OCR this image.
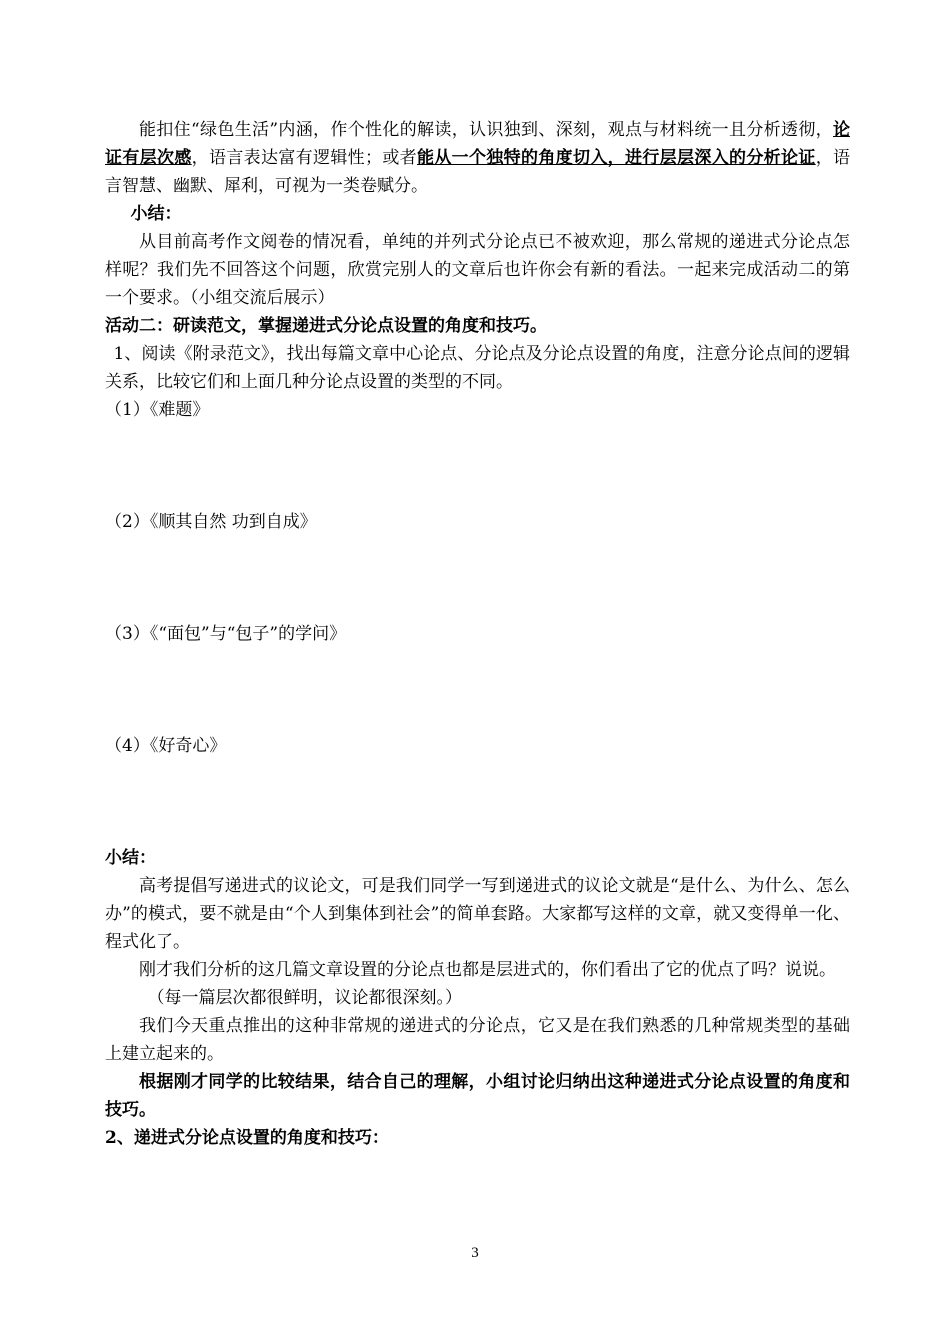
能扣住“绿色生活”内涵，作个性化的解读，认识独到、深刻，观点与材料统一且分析透彻，论证有层次感，语言表达富有逻辑性；或者能从一个独特的角度切入，进行层层深入的分析论证，语言智慧、幽默、犀利，可视为一类卷赋分。

小结：

从目前高考作文阅卷的情况看，单纯的并列式分论点已不被欢迎，那么常规的递进式分论点怎样呢？我们先不回答这个问题，欣赏完别人的文章后也许你会有新的看法。一起来完成活动二的第一个要求。（小组交流后展示）

活动二：研读范文，掌握递进式分论点设置的角度和技巧。

1、阅读《附录范文》，找出每篇文章中心论点、分论点及分论点设置的角度，注意分论点间的逻辑关系，比较它们和上面几种分论点设置的类型的不同。

（1）《难题》

（2）《顺其自然 功到自成》

（3）《“面包”与“包子”的学问》

（4）《好奇心》

小结：

高考提倡写递进式的议论文，可是我们同学一写到递进式的议论文就是“是什么、为什么、怎么办”的模式，要不就是由“个人到集体到社会”的简单套路。大家都写这样的文章，就又变得单一化、程式化了。

刚才我们分析的这几篇文章设置的分论点也都是层进式的，你们看出了它的优点了吗？说说。

（每一篇层次都很鲜明，议论都很深刻。）

我们今天重点推出的这种非常规的递进式的分论点，它又是在我们熟悉的几种常规类型的基础上建立起来的。

根据刚才同学的比较结果，结合自己的理解，小组讨论归纳出这种递进式分论点设置的角度和技巧。

2、递进式分论点设置的角度和技巧：

3
